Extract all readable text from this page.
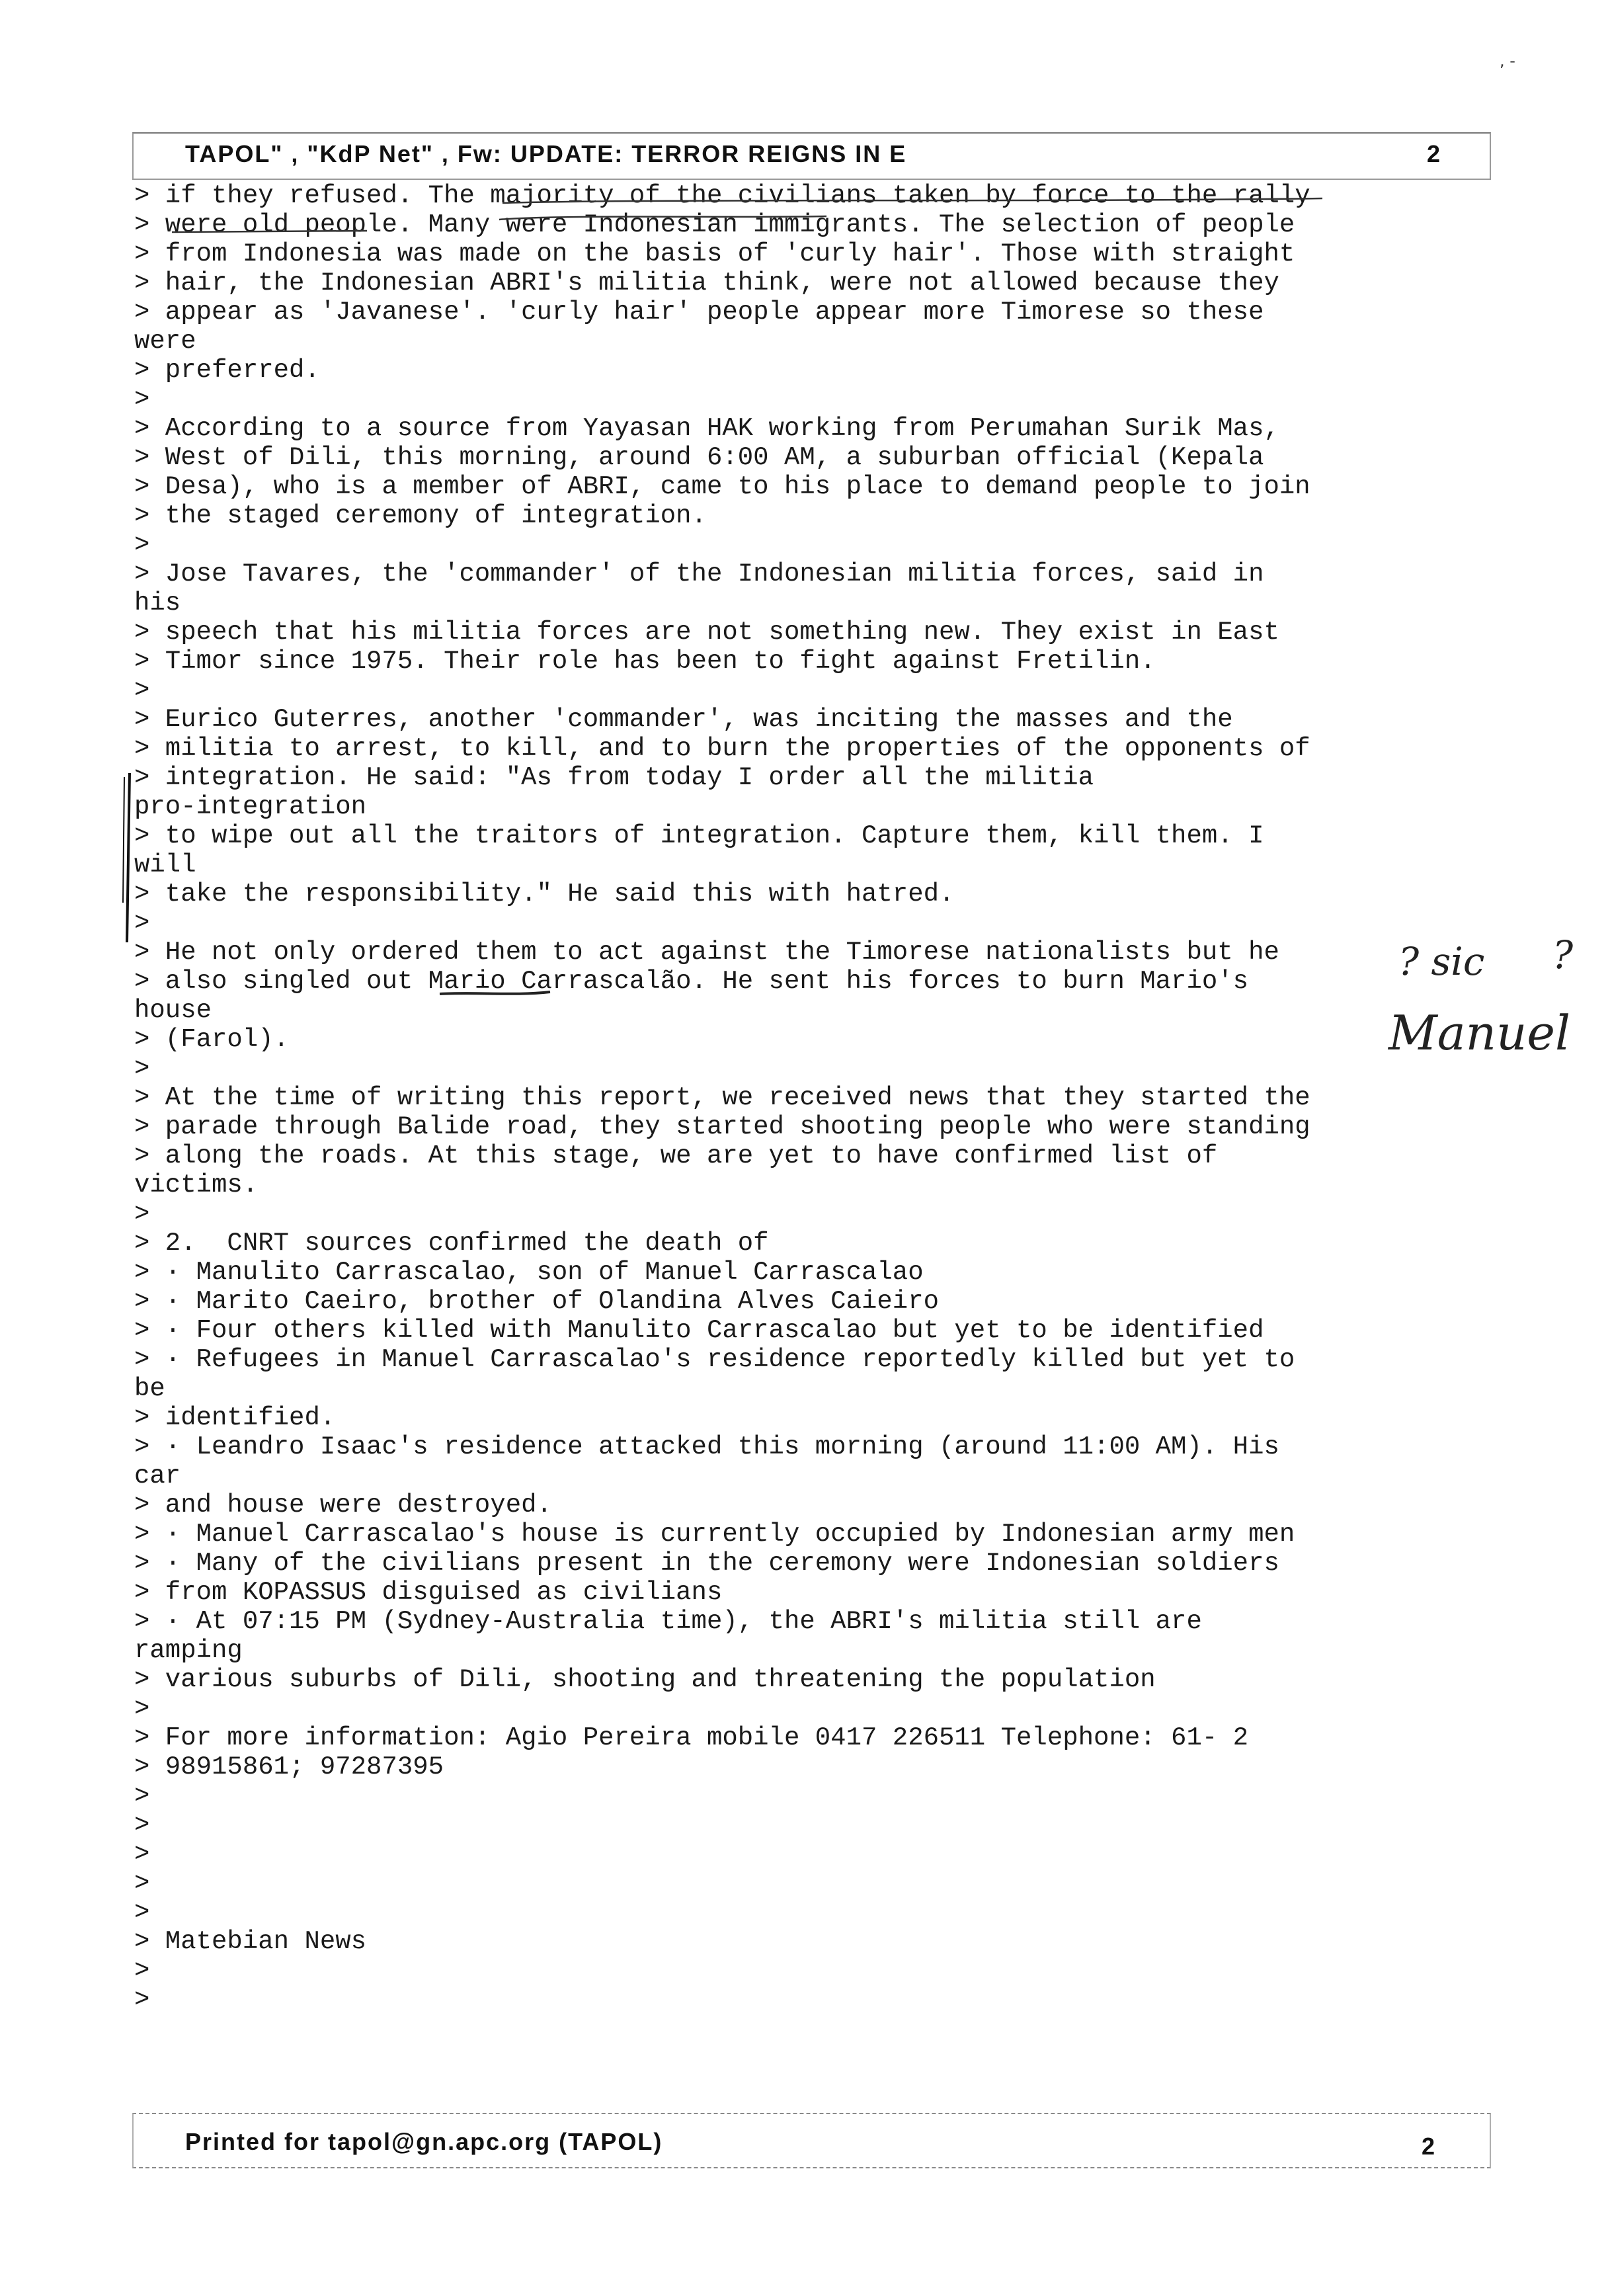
, -
TAPOL" , "KdP Net" , Fw: UPDATE: TERROR REIGNS IN E	2
> if they refused. The majority of the civilians taken by force to the rally
> were old people. Many were Indonesian immigrants. The selection of people
> from Indonesia was made on the basis of 'curly hair'. Those with straight
> hair, the Indonesian ABRI's militia think, were not allowed because they
> appear as 'Javanese'. 'curly hair' people appear more Timorese so these
were
> preferred.
>
> According to a source from Yayasan HAK working from Perumahan Surik Mas,
> West of Dili, this morning, around 6:00 AM, a suburban official (Kepala
> Desa), who is a member of ABRI, came to his place to demand people to join
> the staged ceremony of integration.
>
> Jose Tavares, the 'commander' of the Indonesian militia forces, said in
his
> speech that his militia forces are not something new. They exist in East
> Timor since 1975. Their role has been to fight against Fretilin.
>
> Eurico Guterres, another 'commander', was inciting the masses and the
> militia to arrest, to kill, and to burn the properties of the opponents of
> integration. He said: "As from today I order all the militia
pro-integration
> to wipe out all the traitors of integration. Capture them, kill them. I
will
> take the responsibility." He said this with hatred.
>
> He not only ordered them to act against the Timorese nationalists but he
> also singled out Mario Carrascalão. He sent his forces to burn Mario's
house
> (Farol).
>
> At the time of writing this report, we received news that they started the
> parade through Balide road, they started shooting people who were standing
> along the roads. At this stage, we are yet to have confirmed list of
victims.
>
> 2.  CNRT sources confirmed the death of
> · Manulito Carrascalao, son of Manuel Carrascalao
> · Marito Caeiro, brother of Olandina Alves Caieiro
> · Four others killed with Manulito Carrascalao but yet to be identified
> · Refugees in Manuel Carrascalao's residence reportedly killed but yet to
be
> identified.
> · Leandro Isaac's residence attacked this morning (around 11:00 AM). His
car
> and house were destroyed.
> · Manuel Carrascalao's house is currently occupied by Indonesian army men
> · Many of the civilians present in the ceremony were Indonesian soldiers
> from KOPASSUS disguised as civilians
> · At 07:15 PM (Sydney-Australia time), the ABRI's militia still are
ramping
> various suburbs of Dili, shooting and threatening the population
>
> For more information: Agio Pereira mobile 0417 226511 Telephone: 61- 2
> 98915861; 97287395
>
>
>
>
>
> Matebian News
>
>
? sic ?
Manuel
Printed for tapol@gn.apc.org (TAPOL)	2
